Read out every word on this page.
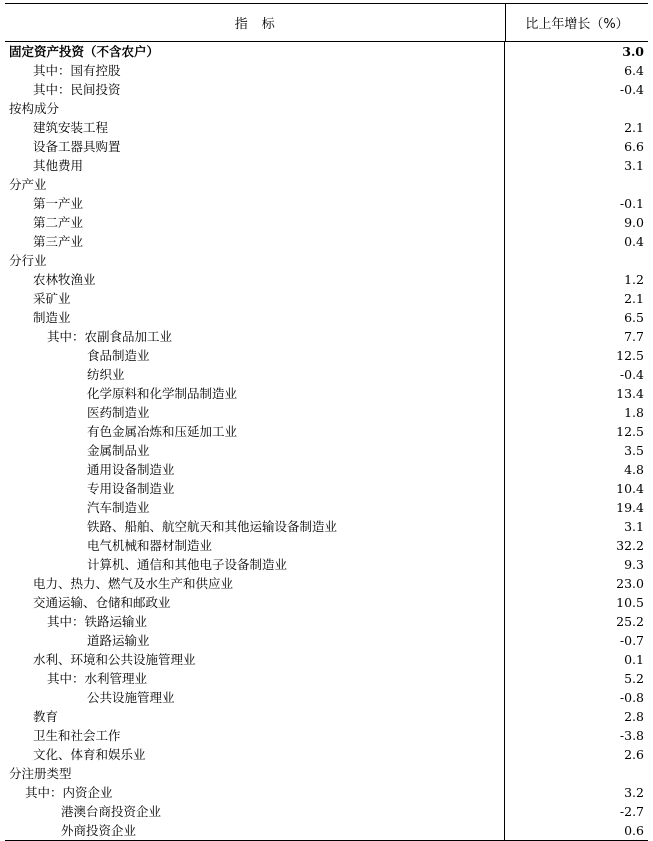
指　标	比上年增长（%）
固定资产投资（不含农户）	3.0
其中：国有控股	6.4
其中：民间投资	-0.4
按构成分
建筑安装工程	2.1
设备工器具购置	6.6
其他费用	3.1
分产业
第一产业	-0.1
第二产业	9.0
第三产业	0.4
分行业
农林牧渔业	1.2
采矿业	2.1
制造业	6.5
其中：农副食品加工业	7.7
食品制造业	12.5
纺织业	-0.4
化学原料和化学制品制造业	13.4
医药制造业	1.8
有色金属冶炼和压延加工业	12.5
金属制品业	3.5
通用设备制造业	4.8
专用设备制造业	10.4
汽车制造业	19.4
铁路、船舶、航空航天和其他运输设备制造业	3.1
电气机械和器材制造业	32.2
计算机、通信和其他电子设备制造业	9.3
电力、热力、燃气及水生产和供应业	23.0
交通运输、仓储和邮政业	10.5
其中：铁路运输业	25.2
道路运输业	-0.7
水利、环境和公共设施管理业	0.1
其中：水利管理业	5.2
公共设施管理业	-0.8
教育	2.8
卫生和社会工作	-3.8
文化、体育和娱乐业	2.6
分注册类型
其中：内资企业	3.2
港澳台商投资企业	-2.7
外商投资企业	0.6
